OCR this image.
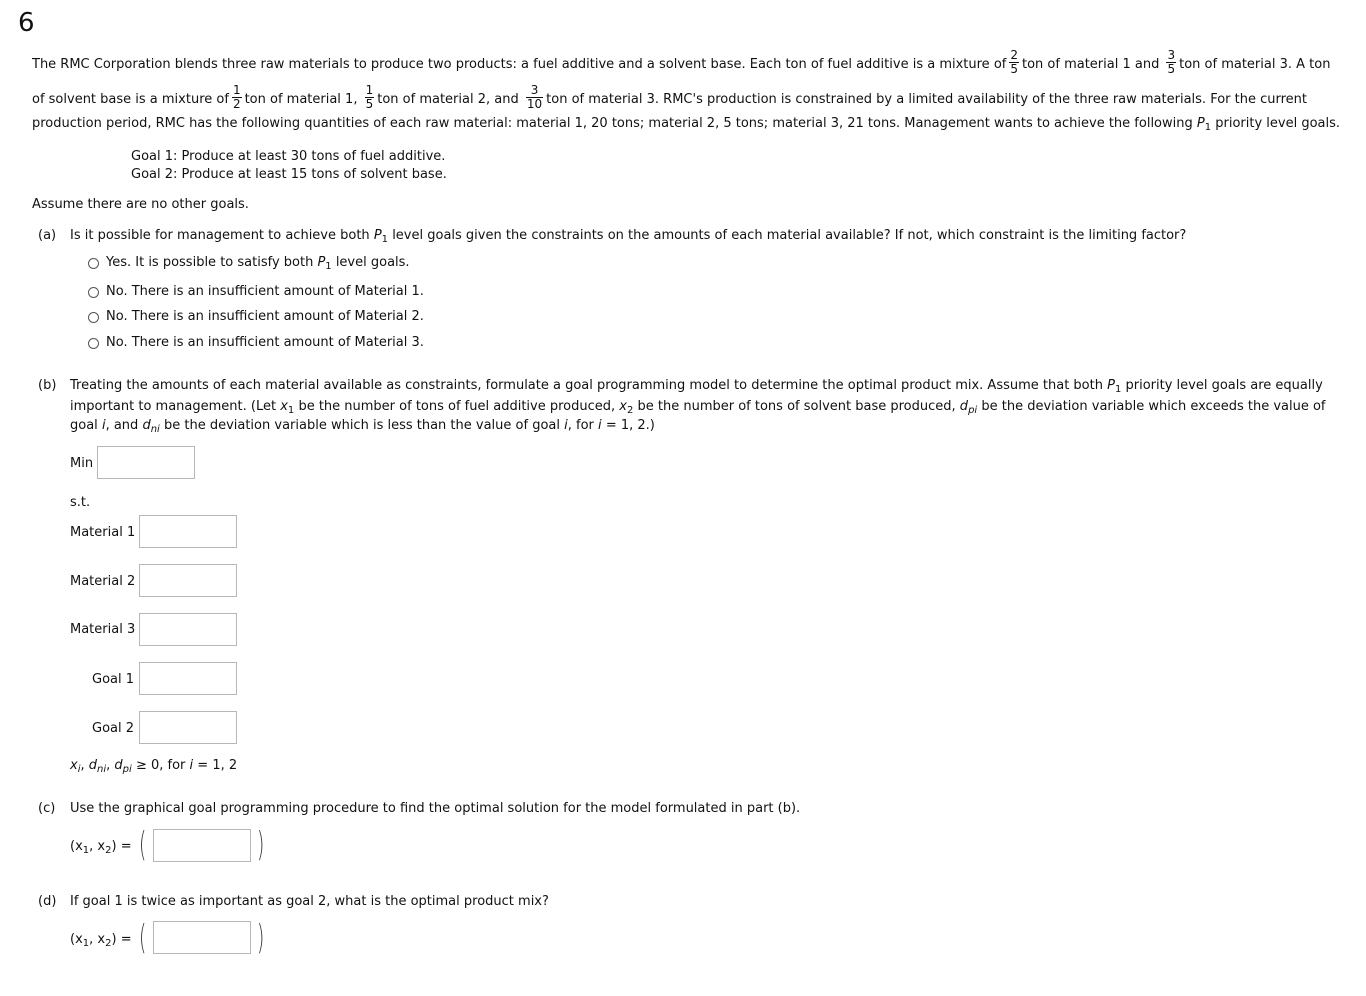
6
The RMC Corporation blends three raw materials to produce two products: a fuel additive and a solvent base. Each ton of fuel additive is a mixture of $\frac{2}{5}$ ton of material 1 and $\frac{3}{5}$ ton of material 3. A ton
of solvent base is a mixture of $\frac{1}{2}$ ton of material 1, $\frac{1}{5}$ ton of material 2, and $\frac{3}{10}$ ton of material 3. RMC's production is constrained by a limited availability of the three raw materials. For the current
production period, RMC has the following quantities of each raw material: material 1, 20 tons; material 2, 5 tons; material 3, 21 tons. Management wants to achieve the following $P_1$ priority level goals.
Goal 1: Produce at least 30 tons of fuel additive.
Goal 2: Produce at least 15 tons of solvent base.
Assume there are no other goals.
(a) Is it possible for management to achieve both $P_1$ level goals given the constraints on the amounts of each material available? If not, which constraint is the limiting factor?
Yes. It is possible to satisfy both $P_1$ level goals.
No. There is an insufficient amount of Material 1.
No. There is an insufficient amount of Material 2.
No. There is an insufficient amount of Material 3.
(b) Treating the amounts of each material available as constraints, formulate a goal programming model to determine the optimal product mix. Assume that both $P_1$ priority level goals are equally
important to management. (Let $x_1$ be the number of tons of fuel additive produced, $x_2$ be the number of tons of solvent base produced, $d_{pi}$ be the deviation variable which exceeds the value of
goal i, and $d_{ni}$ be the deviation variable which is less than the value of goal i, for i = 1, 2.)
Min
s.t.
Material 1
Material 2
Material 3
Goal 1
Goal 2
$x_i$, $d_{ni}$, $d_{pi} \ge 0$, for i = 1, 2
(c) Use the graphical goal programming procedure to find the optimal solution for the model formulated in part (b).
($x_1$, $x_2$) = (	)
(d) If goal 1 is twice as important as goal 2, what is the optimal product mix?
($x_1$, $x_2$) = (	)
